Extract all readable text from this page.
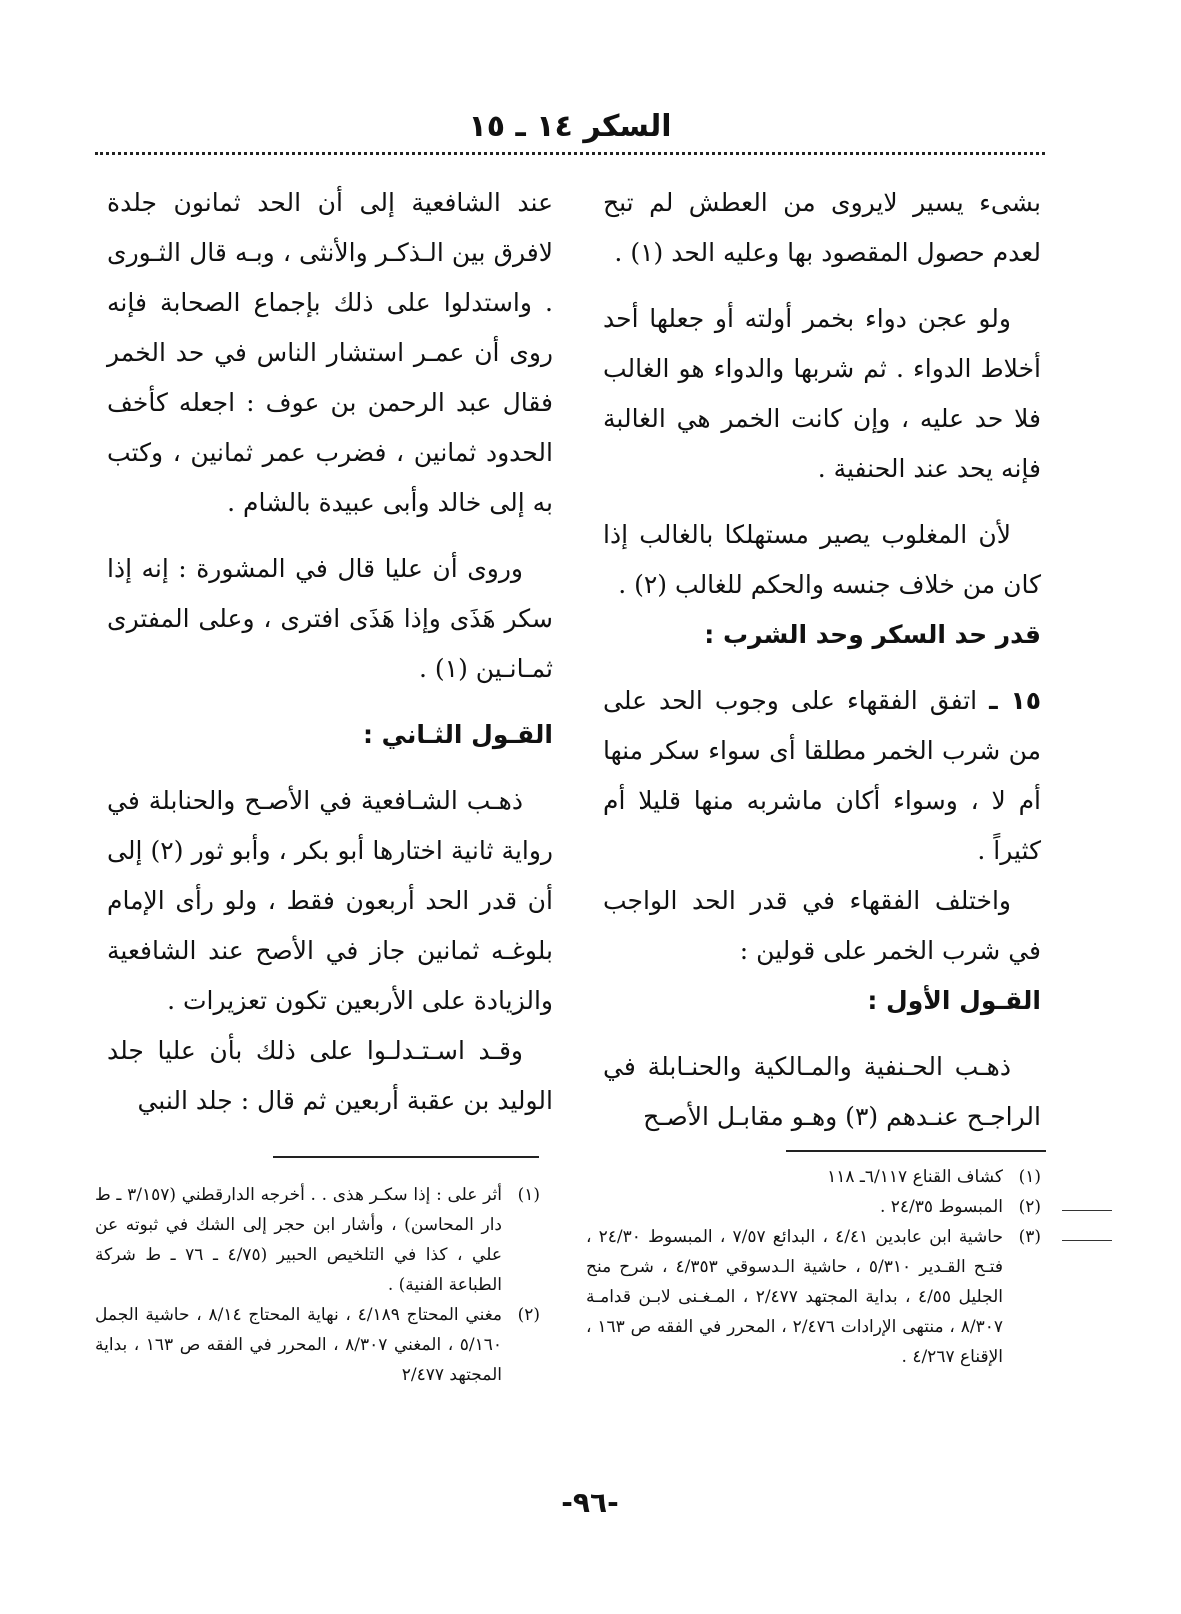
السكر ١٤ ـ ١٥

بشىء يسير لايروى من العطش لم تبح لعدم حصول المقصود بها وعليه الحد (١) .

ولو عجن دواء بخمر أولته أو جعلها أحد أخلاط الدواء . ثم شربها والدواء هو الغالب فلا حد عليه ، وإن كانت الخمر هي الغالبة فإنه يحد عند الحنفية .

لأن المغلوب يصير مستهلكا بالغالب إذا كان من خلاف جنسه والحكم للغالب (٢) .

قدر حد السكر وحد الشرب :

١٥ ـ اتفق الفقهاء على وجوب الحد على من شرب الخمر مطلقا أى سواء سكر منها أم لا ، وسواء أكان ماشربه منها قليلا أم كثيراً .

واختلف الفقهاء في قدر الحد الواجب في شرب الخمر على قولين :

القـول الأول :

ذهـب الحـنفية والمـالكية والحنـابلة في الراجـح عنـدهم (٣) وهـو مقابـل الأصـح

عند الشافعية إلى أن الحد ثمانون جلدة لافرق بين الـذكـر والأنثى ، وبـه قال الثـورى . واستدلوا على ذلك بإجماع الصحابة فإنه روى أن عمـر استشار الناس في حد الخمر فقال عبد الرحمن بن عوف : اجعله كأخف الحدود ثمانين ، فضرب عمر ثمانين ، وكتب به إلى خالد وأبى عبيدة بالشام .

وروى أن عليا قال في المشورة : إنه إذا سكر هَذَى وإذا هَذَى افترى ، وعلى المفترى ثمـانـين (١) .

القـول الثـاني :

ذهـب الشـافعية في الأصـح والحنابلة في رواية ثانية اختارها أبو بكر ، وأبو ثور (٢) إلى أن قدر الحد أربعون فقط ، ولو رأى الإمام بلوغـه ثمانين جاز في الأصح عند الشافعية والزيادة على الأربعين تكون تعزيرات .

وقـد اسـتـدلـوا على ذلك بأن عليا جلد الوليد بن عقبة أربعين ثم قال : جلد النبي

(١)
كشاف القناع ٦/١١٧ـ ١١٨

(٢)
المبسوط ٢٤/٣٥ .

(٣)
حاشية ابن عابدين ٤/٤١ ، البدائع ٧/٥٧ ، المبسوط ٢٤/٣٠ ، فتـح القـدير ٥/٣١٠ ، حاشية الـدسوقي ٤/٣٥٣ ، شرح منح الجليل ٤/٥٥ ، بداية المجتهد ٢/٤٧٧ ، المـغـنى لابـن قدامـة ٨/٣٠٧ ، منتهى الإرادات ٢/٤٧٦ ، المحرر في الفقه ص ١٦٣ ، الإقناع ٤/٢٦٧ .

(١)
أثر على : إذا سكـر هذى . . أخرجه الدارقطني (٣/١٥٧ ـ ط دار المحاسن) ، وأشار ابن حجر إلى الشك في ثبوته عن علي ، كذا في التلخيص الحبير (٤/٧٥ ـ ٧٦ ـ ط شركة الطباعة الفنية) .

(٢)
مغني المحتاج ٤/١٨٩ ، نهاية المحتاج ٨/١٤ ، حاشية الجمل ٥/١٦٠ ، المغني ٨/٣٠٧ ، المحرر في الفقه ص ١٦٣ ، بداية المجتهد ٢/٤٧٧

-٩٦-
